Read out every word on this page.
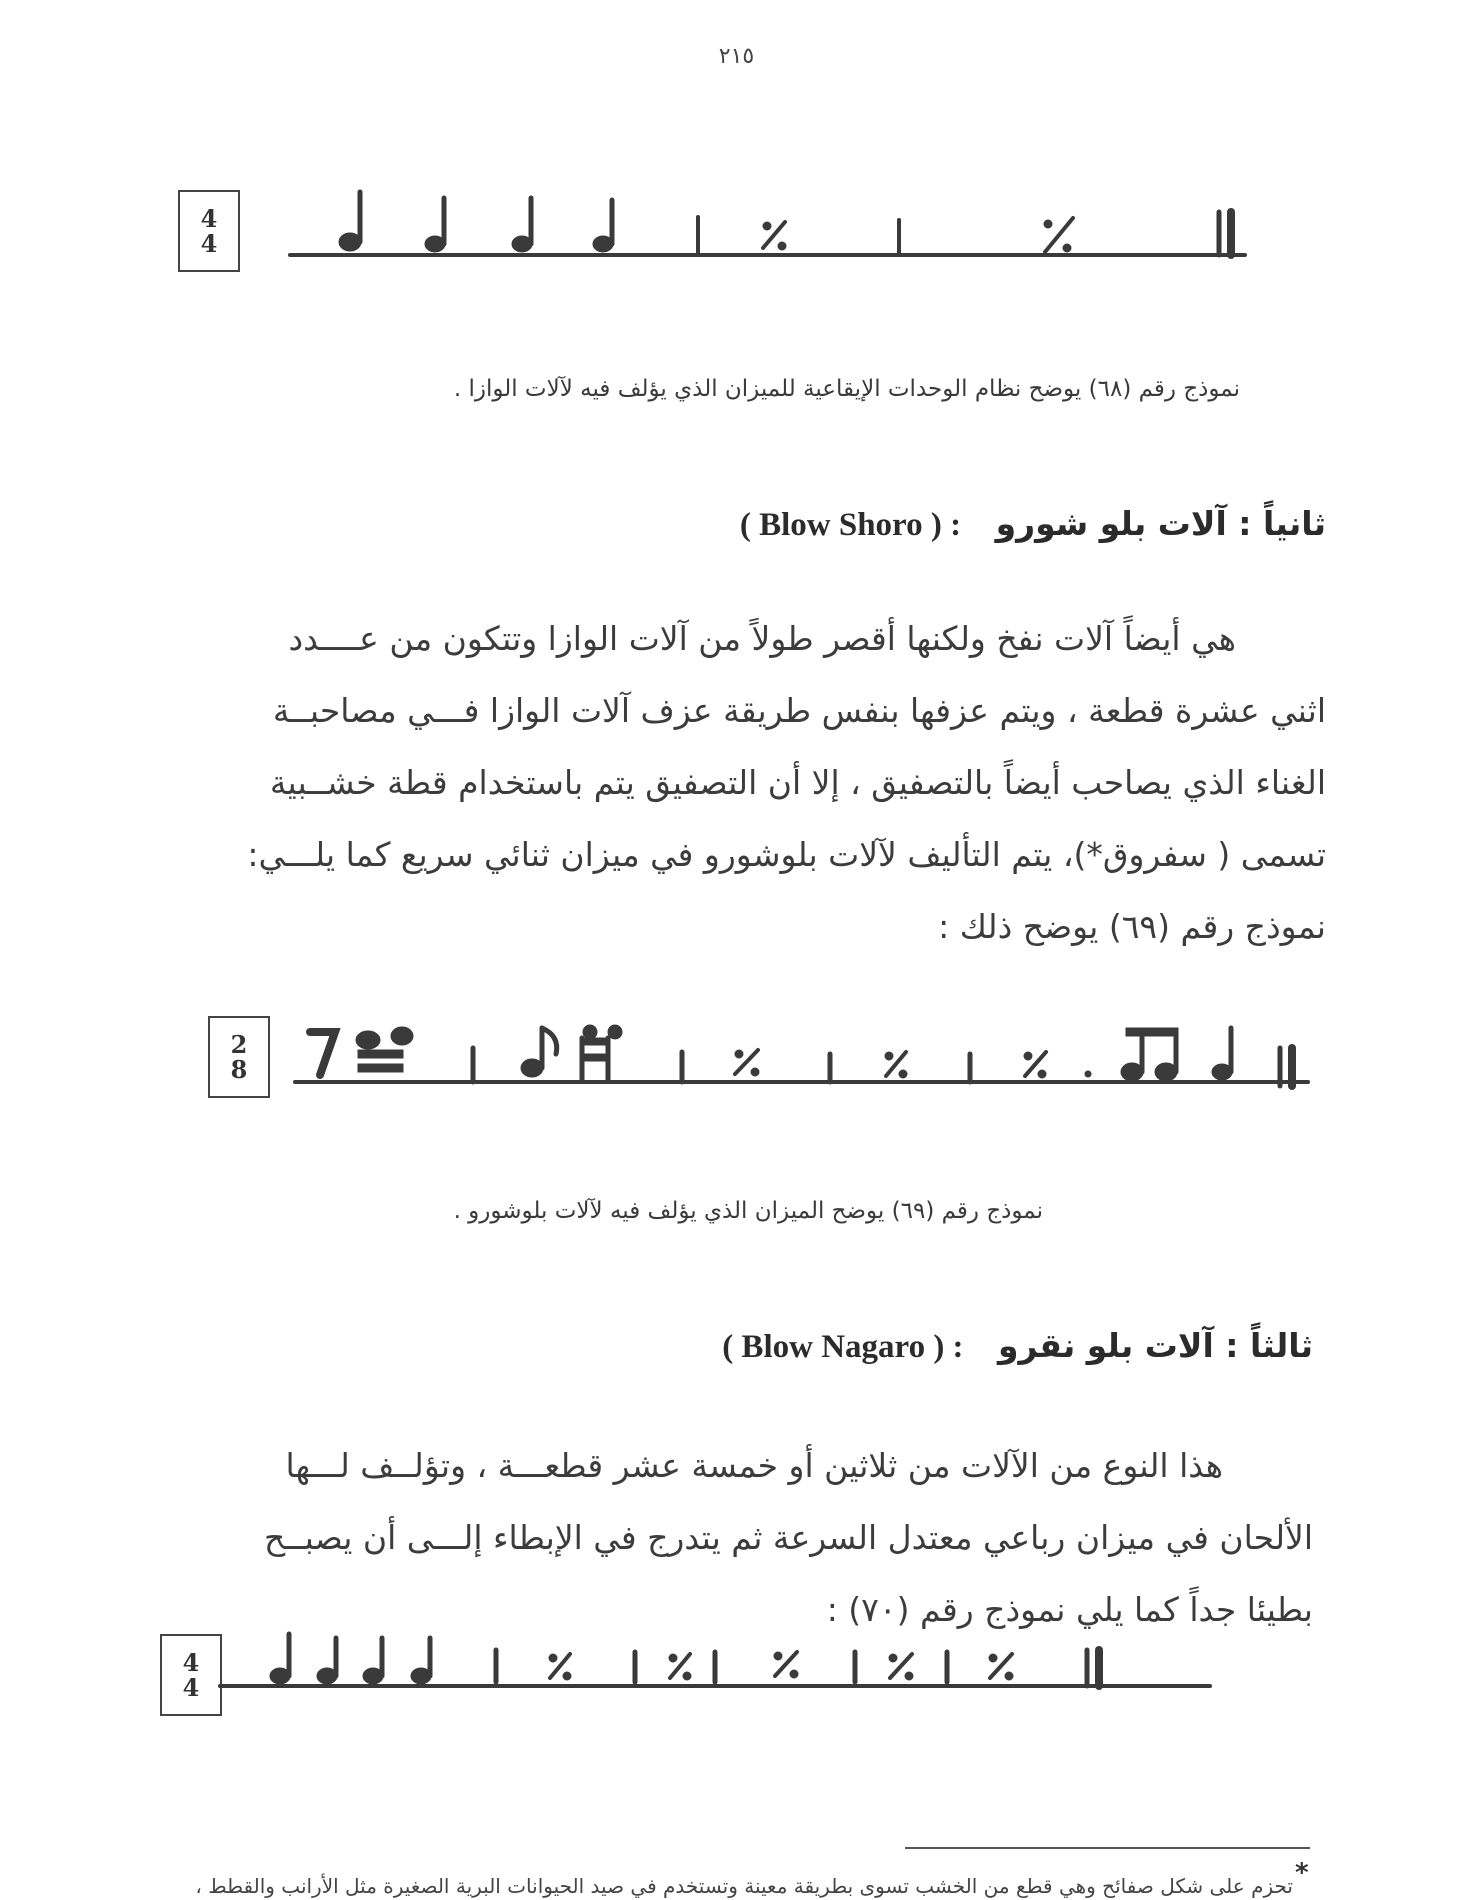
٢١٥
4
4
نموذج رقم (٦٨) يوضح نظام الوحدات الإيقاعية للميزان الذي يؤلف فيه لآلات الوازا .
ثانياً : آلات بلو شورو   ( Blow Shoro ) :
هي أيضاً آلات نفخ ولكنها أقصر طولاً من آلات الوازا وتتكون من عــــدد
اثني عشرة قطعة ، ويتم عزفها بنفس طريقة عزف آلات الوازا فـــي مصاحبــة
الغناء الذي يصاحب أيضاً بالتصفيق ، إلا أن التصفيق يتم باستخدام قطة خشــبية
تسمى ( سفروق*)، يتم التأليف لآلات بلوشورو في ميزان ثنائي سريع كما يلـــي:
نموذج رقم (٦٩) يوضح ذلك :
2
8
نموذج رقم (٦٩) يوضح الميزان الذي يؤلف فيه لآلات بلوشورو .
ثالثاً : آلات بلو نقرو   ( Blow Nagaro ) :
هذا النوع من الآلات من ثلاثين أو خمسة عشر قطعـــة ، وتؤلــف لـــها
الألحان في ميزان رباعي معتدل السرعة ثم يتدرج في الإبطاء إلـــى أن يصبــح
بطيئا جداً كما يلي نموذج رقم (٧٠) :
4
4
*
تحزم على شكل صفائح وهي قطع من الخشب تسوى بطريقة معينة وتستخدم في صيد الحيوانات البرية الصغيرة مثل الأرانب والقطط ،
